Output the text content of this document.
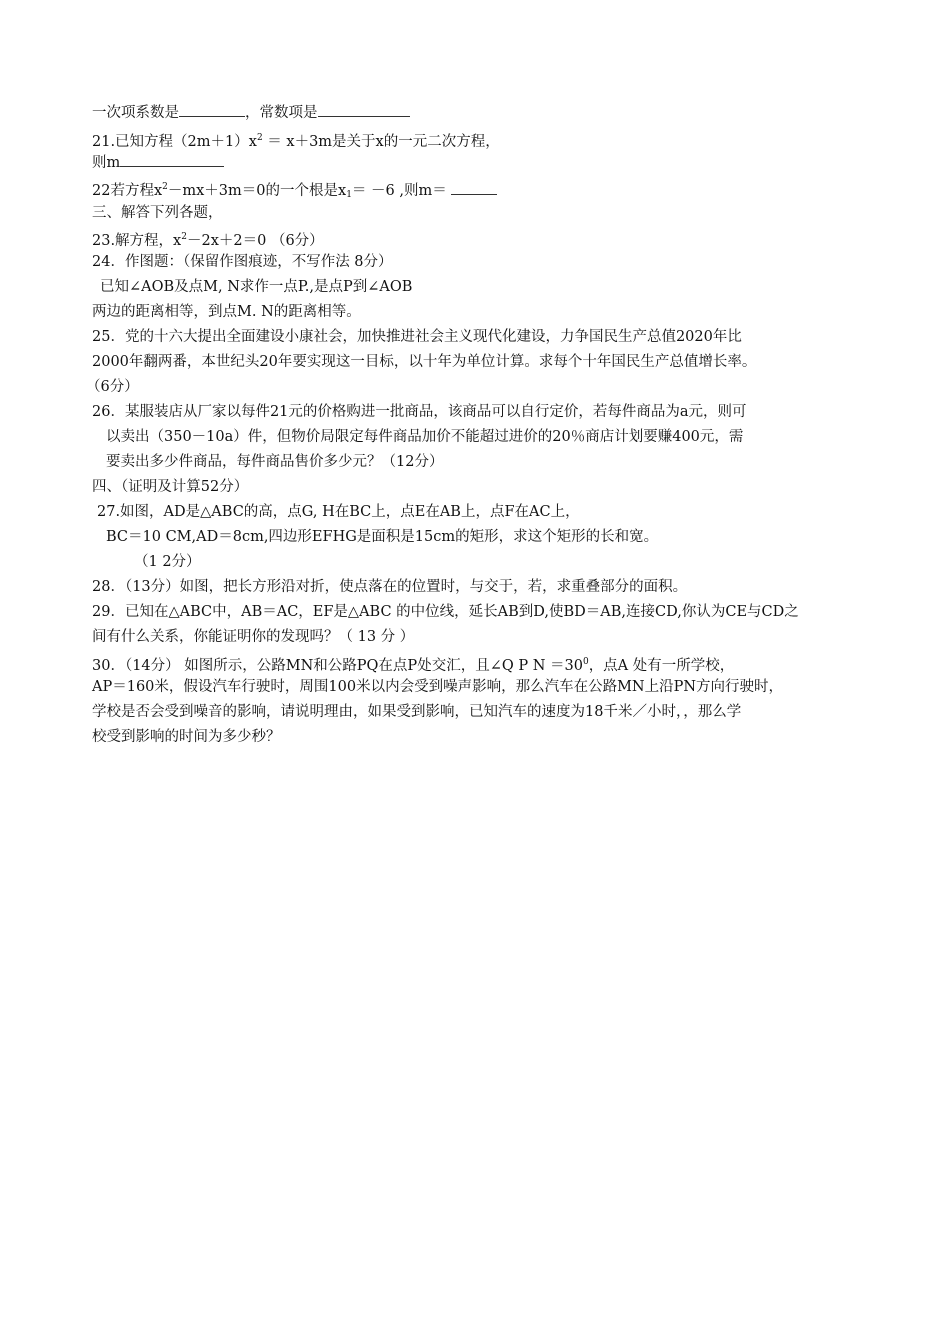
一次项系数是	，常数项是
21.已知方程$(2m+1)x^2 = x+3m$是关于x的一元二次方程，
则m
22若方程$x^2-mx+3m=0$的一个根是$x_1= -6$ ,则m＝
三、解答下列各题，
23.解方程，$x^2-2x+2=0$ （6分）
24．作图题：（保留作图痕迹，不写作法 8分）
已知∠AOB及点M, N求作一点P.,是点P到∠AOB
两边的距离相等，到点M. N的距离相等。
25．党的十六大提出全面建设小康社会，加快推进社会主义现代化建设，力争国民生产总值2020年比
2000年翻两番，本世纪头20年要实现这一目标，以十年为单位计算。求每个十年国民生产总值增长率。
（6分）
26．某服装店从厂家以每件21元的价格购进一批商品，该商品可以自行定价，若每件商品为a元，则可
以卖出（350－10a）件，但物价局限定每件商品加价不能超过进价的20％商店计划要赚400元，需
要卖出多少件商品，每件商品售价多少元？（12分）
四、（证明及计算52分）
27.如图，AD是△ABC的高，点G, H在BC上，点E在AB上，点F在AC上，
BC＝10 CM,AD＝8cm,四边形EFHG是面积是15cm的矩形，求这个矩形的长和宽。
（1 2分）
28．（13分）如图，把长方形沿对折，使点落在的位置时，与交于，若，求重叠部分的面积。
29．已知在△ABC中，AB＝AC，EF是△ABC 的中位线，延长AB到D,使BD＝AB,连接CD,你认为CE与CD之
间有什么关系，你能证明你的发现吗？（ 13 分 ）
30．（14分） 如图所示，公路MN和公路PQ在点P处交汇，且∠Q P $N =30^0$，点A 处有一所学校，
AP＝160米，假设汽车行驶时，周围100米以内会受到噪声影响，那么汽车在公路MN上沿PN方向行驶时，
学校是否会受到噪音的影响，请说明理由，如果受到影响，已知汽车的速度为18千米／小时，，那么学
校受到影响的时间为多少秒？
